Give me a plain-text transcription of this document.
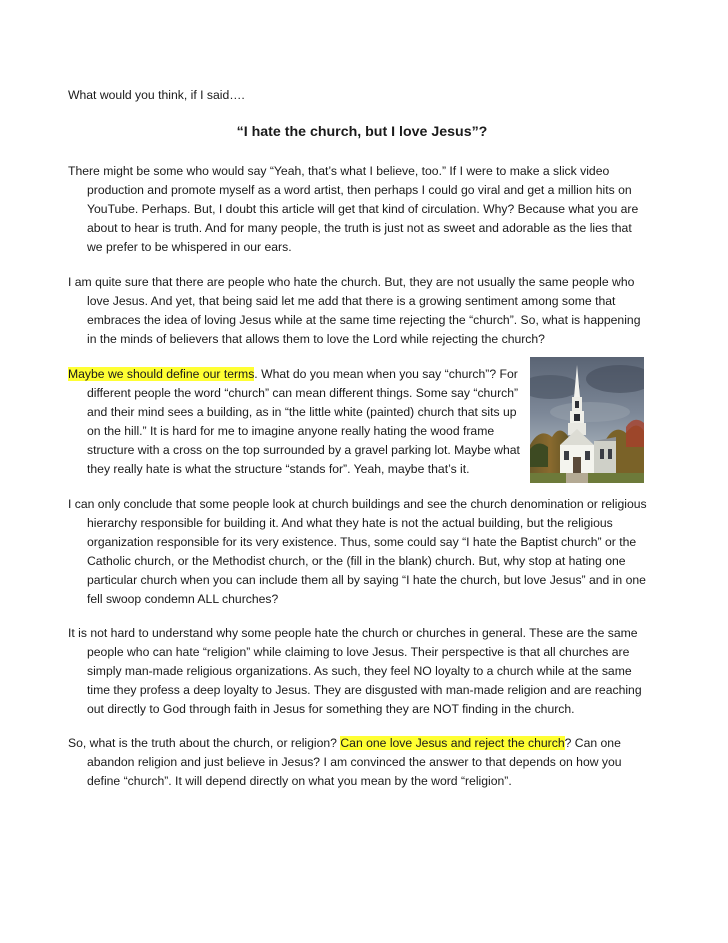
What would you think, if I said….

“I hate the church, but I love Jesus”?

There might be some who would say “Yeah, that’s what I believe, too.” If I were to make a slick video
production and promote myself as a word artist, then perhaps I could go viral and get a million hits on
YouTube. Perhaps. But, I doubt this article will get that kind of circulation. Why? Because what you are
about to hear is truth. And for many people, the truth is just not as sweet and adorable as the lies that
we prefer to be whispered in our ears.

I am quite sure that there are people who hate the church. But, they are not usually the same people who
love Jesus. And yet, that being said let me add that there is a growing sentiment among some that
embraces the idea of loving Jesus while at the same time rejecting the “church”. So, what is happening
in the minds of believers that allows them to love the Lord while rejecting the church?

Maybe we should define our terms. What do you mean when you say “church”? For
different people the word “church” can mean different things. Some say “church”
and their mind sees a building, as in “the little white (painted) church that sits up
on the hill.” It is hard for me to imagine anyone really hating the wood frame
structure with a cross on the top surrounded by a gravel parking lot. Maybe what
they really hate is what the structure “stands for”. Yeah, maybe that’s it.

I can only conclude that some people look at church buildings and see the church denomination or religious
hierarchy responsible for building it. And what they hate is not the actual building, but the religious
organization responsible for its very existence. Thus, some could say “I hate the Baptist church” or the
Catholic church, or the Methodist church, or the (fill in the blank) church. But, why stop at hating one
particular church when you can include them all by saying “I hate the church, but love Jesus” and in one
fell swoop condemn ALL churches?

It is not hard to understand why some people hate the church or churches in general. These are the same
people who can hate “religion” while claiming to love Jesus. Their perspective is that all churches are
simply man-made religious organizations. As such, they feel NO loyalty to a church while at the same
time they profess a deep loyalty to Jesus. They are disgusted with man-made religion and are reaching
out directly to God through faith in Jesus for something they are NOT finding in the church.

So, what is the truth about the church, or religion? Can one love Jesus and reject the church? Can one
abandon religion and just believe in Jesus? I am convinced the answer to that depends on how you
define “church”. It will depend directly on what you mean by the word “religion”.
